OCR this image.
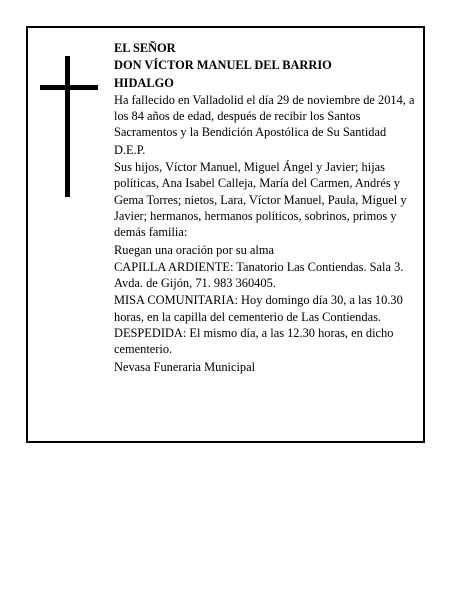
EL SEÑOR

DON VÍCTOR MANUEL DEL BARRIO

HIDALGO

Ha fallecido en Valladolid el día 29 de noviembre de 2014, a los 84 años de edad, después de recibir los Santos Sacramentos y la Bendición Apostólica de Su Santidad

D.E.P.

Sus hijos, Víctor Manuel, Miguel Ángel y Javier; hijas políticas, Ana Isabel Calleja, María del Carmen, Andrés y Gema Torres; nietos, Lara, Víctor Manuel, Paula, Miguel y Javier; hermanos, hermanos políticos, sobrinos, primos y demás familia:

Ruegan una oración por su alma

CAPILLA ARDIENTE: Tanatorio Las Contiendas. Sala 3. Avda. de Gijón, 71. 983 360405.

MISA COMUNITARIA: Hoy domingo día 30, a las 10.30 horas, en la capilla del cementerio de Las Contiendas. DESPEDIDA: El mismo día, a las 12.30 horas, en dicho cementerio.

Nevasa Funeraria Municipal
